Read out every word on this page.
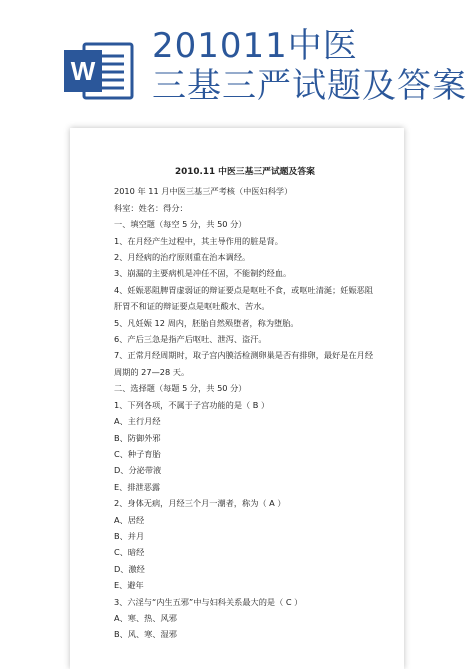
W
201011中医
三基三严试题及答案
2010.11 中医三基三严试题及答案
2010 年 11 月中医三基三严考核（中医妇科学）
科室：姓名：得分：
一、填空题（每空 5 分，共 50 分）
1、在月经产生过程中，其主导作用的脏是肾。
2、月经病的治疗原则重在治本调经。
3、崩漏的主要病机是冲任不固，不能制约经血。
4、妊娠恶阻脾胃虚弱证的辩证要点是呕吐不食，或呕吐清涎；妊娠恶阻肝胃不和证的辩证要点是呕吐酸水、苦水。
5、凡妊娠 12 周内，胚胎自然殒堕者，称为堕胎。
6、产后三急是指产后呕吐、泄泻、盗汗。
7、正常月经周期时，取子宫内膜活检测卵巢是否有排卵，最好是在月经周期的 27—28 天。
二、选择题（每题 5 分，共 50 分）
1、下列各项，不属于子宫功能的是（ B ）
A、主行月经
B、防御外邪
C、种子育胎
D、分泌带液
E、排泄恶露
2、身体无病，月经三个月一潮者，称为（ A ）
A、居经
B、并月
C、暗经
D、激经
E、避年
3、六淫与“内生五邪”中与妇科关系最大的是（ C ）
A、寒、热、风邪
B、风、寒、湿邪
